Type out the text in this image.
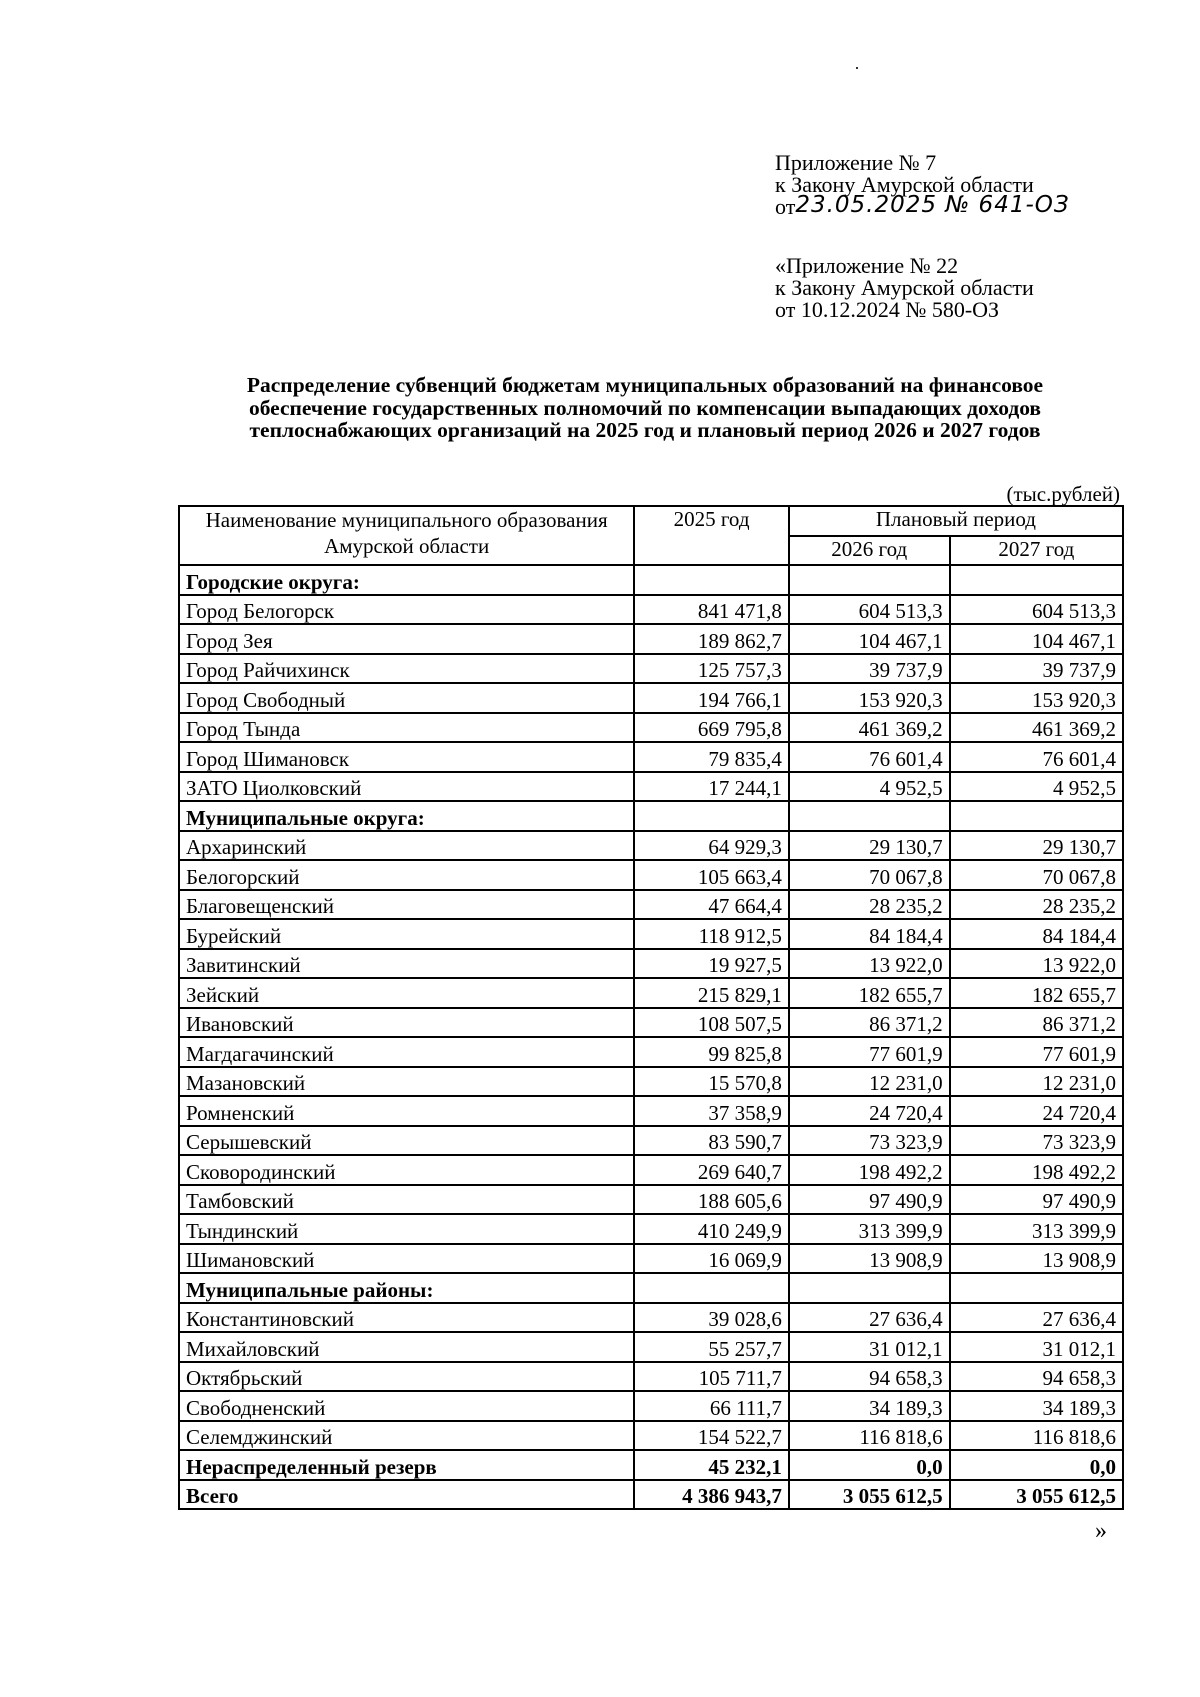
Приложение № 7
к Закону Амурской области
от23.05.2025 № 641-ОЗ
«Приложение № 22
к Закону Амурской области
от 10.12.2024 № 580-ОЗ
Распределение субвенций бюджетам муниципальных образований на финансовое
обеспечение государственных полномочий по компенсации выпадающих доходов
теплоснабжающих организаций на 2025 год и плановый период 2026 и 2027 годов
(тыс.рублей)
Наименование муниципального образования Амурской области	2025 год	Плановый период	
		2026 год	2027 год
Городские округа:			
Город Белогорск	841 471,8	604 513,3	604 513,3
Город Зея	189 862,7	104 467,1	104 467,1
Город Райчихинск	125 757,3	39 737,9	39 737,9
Город Свободный	194 766,1	153 920,3	153 920,3
Город Тында	669 795,8	461 369,2	461 369,2
Город Шимановск	79 835,4	76 601,4	76 601,4
ЗАТО Циолковский	17 244,1	4 952,5	4 952,5
Муниципальные округа:			
Архаринский	64 929,3	29 130,7	29 130,7
Белогорский	105 663,4	70 067,8	70 067,8
Благовещенский	47 664,4	28 235,2	28 235,2
Бурейский	118 912,5	84 184,4	84 184,4
Завитинский	19 927,5	13 922,0	13 922,0
Зейский	215 829,1	182 655,7	182 655,7
Ивановский	108 507,5	86 371,2	86 371,2
Магдагачинский	99 825,8	77 601,9	77 601,9
Мазановский	15 570,8	12 231,0	12 231,0
Ромненский	37 358,9	24 720,4	24 720,4
Серышевский	83 590,7	73 323,9	73 323,9
Сковородинский	269 640,7	198 492,2	198 492,2
Тамбовский	188 605,6	97 490,9	97 490,9
Тындинский	410 249,9	313 399,9	313 399,9
Шимановский	16 069,9	13 908,9	13 908,9
Муниципальные районы:			
Константиновский	39 028,6	27 636,4	27 636,4
Михайловский	55 257,7	31 012,1	31 012,1
Октябрьский	105 711,7	94 658,3	94 658,3
Свободненский	66 111,7	34 189,3	34 189,3
Селемджинский	154 522,7	116 818,6	116 818,6
Нераспределенный резерв	45 232,1	0,0	0,0
Всего	4 386 943,7	3 055 612,5	3 055 612,5
»
